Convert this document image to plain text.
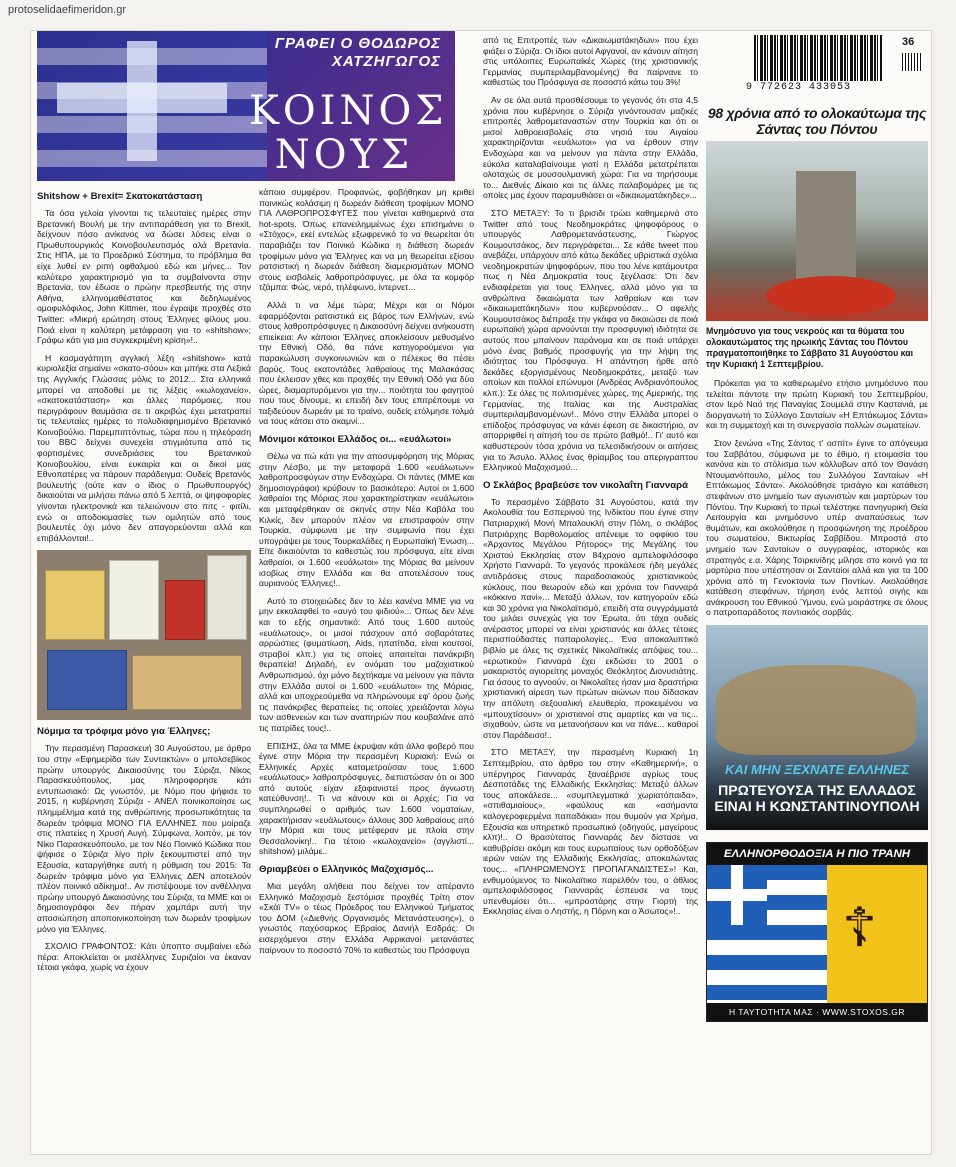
protoselidaefimeridon.gr
ΓΡΑΦΕΙ Ο ΘΟΔΩΡΟΣ
ΧΑΤΖΗΓΩΓΟΣ
ΚΟΙΝΟΣ
ΝΟΥΣ
Shitshow + Brexit= Σκατοκατάσταση

Τα όσα γελοία γίνονται τις τελευταίες ημέρες στην Βρετανική Βουλή με την αντιπαράθεση για το Brexit, δείχνουν πόσο ανίκανος να δώσει λύσεις είναι ο Πρωθυπουργικός Κοινοβουλευτισμός αλά Βρετανία. Στις ΗΠΑ, με το Προεδρικό Σύστημα, το πρόβλημα θα είχε λυθεί εν ριπή οφθαλμού εδώ και μήνες... Τον καλύτερο χαρακτηρισμό για τα συμβαίνοντα στην Βρετανία, τον έδωσε ο πρώην πρεσβευτής της στην Αθήνα, ελληνομαθέστατος και δεδηλωμένος ομοφυλόφιλος, John Kittmer, που έγραψε προχθές στο Twitter: «Μικρή ερώτηση στους Έλληνες φίλους μου. Ποιά είναι η καλύτερη μετάφραση για το «shitshow»; Γράφω κάτι για μια συγκεκριμένη κρίση»!..

Η κοσμαγάπητη αγγλική λέξη «shitshow» κατά κυριολεξία σημαίνει «σκατο-σόου» και μπήκε στα Λεξικά της Αγγλικής Γλώσσας μόλις το 2012... Στα ελληνικά μπορεί να αποδοθεί με τις λέξεις «κωλοχανείο», «σκατοκατάσταση» και άλλες παρόμοιες, που περιγράφουν θαυμάσια σε τι ακριβώς έχει μετατραπεί τις τελευταίες ημέρες το πολυδιαφημισμένο Βρετανικό Κοινοβούλιο. Παρεμπιπτόντως, τώρα που η τηλεόραση του BBC δείχνει συνεχεία στιγμιότυπα από τις φορτισμένες συνεδριάσεις του Βρετανικού Κοινοβουλίου, είναι ευκαιρία και οι δικοί μας Εθνοπατέρες να πάρουν παράδειγμα: Ουδείς Βρετανός βουλευτής (ούτε καν ο ίδιος ο Πρωθυπουργός) δικαιούται να μιλήσει πάνω από 5 λεπτά, οι ψηφοφορίες γίνονται ηλεκτρονικά και τελειώνουν στο πιτς - φιτίλι, ενώ οι αποδοκιμασίες των ομιλητών από τους βουλευτές όχι μόνο δεν απαγορεύονται αλλά και επιβάλλονται!..

Νόμιμα τα τρόφιμα μόνο για Έλληνες;

Την περασμένη Παρασκευή 30 Αυγούστου, με άρθρο του στην «Εφημερίδα των Συντακτών» ο μπολσεβίκος πρώην υπουργός Δικαιοσύνης του Σύριζα, Νίκος Παρασκευόπουλος, μας πληροφορησε κάτι εντυπωσιακό: Ως γνωστόν, με Νόμο που ψήφισε το 2015, η κυβέρνηση Σύριζα - ΑΝΕΛ ποινικοποίησε ως πλημμέλημα κατά της ανθρώπινης προσωπικότητας τα δωρεάν τρόφιμα ΜΟΝΟ ΓΙΑ ΕΛΛΗΝΕΣ που μοίραζε στις πλατείες η Χρυσή Αυγή. Σύμφωνα, λοιπόν, με τον Νίκο Παρασκευόπουλο, με τον Νέο Ποινικό Κώδικα που ψήφισε ο Σύριζα λίγο πρίν ξεκουμπιστεί από την Εξουσία, καταργήθηκε αυτή η ρύθμιση του 2015: Τα δωρεάν τρόφιμα μόνο για Έλληνες ΔΕΝ αποτελούν πλέον ποινικό αδίκημα!.. Αν πιστέψουμε τον ανθέλληνα πρώην υπουργό Δικαιοσύνης του Σύριζα, τα ΜΜΕ και οι δημοσιογράφοι δεν πήραν χαμπάρι αυτή την αποσιώπηση αποποινικοποίηση των δωρεάν τροφίμων μόνο για Έλληνες.

ΣΧΟΛΙΟ ΓΡΑΦΟΝΤΟΣ: Κάτι ύποπτο συμβαίνει εδώ πέρα: Αποκλείεται οι μισέλληνες Συριζαίοι να έκαναν τέτοια γκάφα, χωρίς να έχουν

κάποιο συμφέρον. Προφανώς, φοβήθηκαν μη κριθεί ποινικώς κολάσιμη η δωρεάν διάθεση τροφίμων ΜΟΝΟ ΓΙΑ ΛΑΘΡΟΠΡΟΣΦΥΓΕΣ που γίνεται καθημερινά στα hot-spots. Όπως επανειλημμένως έχει επισημάνει ο «Στόχος», εκεί εντελώς εξωφρενικό το να θεωρείται ότι παραβιάζει τον Ποινικό Κώδικα η διάθεση δωρεάν τροφίμων μόνο για Έλληνες και να μη θεωρείται εξίσου ρατσιστική η δωρεάν διάθεση διαμερισμάτων ΜΟΝΟ στους εισβολείς λαθροπρόσφυγες, με όλα τα κομφόρ τζάμπα: Φώς, νερό, τηλέφωνο, ίντερνετ...

Αλλά τι να λέμε τώρα; Μέχρι και οι Νόμοι εφαρμόζονται ρατσιστικά εις βάρος των Ελλήνων, ενώ στους λαθροπρόσφυγες η Δικαιοσύνη δείχνει ανήκουστη επιείκεια: Αν κάποιοι Έλληνες αποκλείσουν μεθυσμένο την Εθνική Οδό, θα πάνε κατηγορούμενοι για παρακώλυση συγκοινωνιών και ο πέλεκυς θα πέσει βαρύς. Τους εκατοντάδες λαθραίους της Μαλακάσας που έκλεισαν χθες και προχθές την Εθνική Οδό για δύο ώρες, διαμαρτυρόμενοι για την... ποιότητα του φαγητού που τους δίνουμε, κι επειδή δεν τους επιτρέπουμε να ταξιδεύουν δωρεάν με το τραίνο, ουδείς ετόλμησε τολμά να τους κάτσει στο σκαμνί...

Μόνιμοι κάτοικοι Ελλάδος οι... «ευάλωτοι»

Θέλω να πώ κάτι για την αποσυμφόρηση της Μόριας στην Λέσβο, με την μεταφορά 1.600 «ευάλωτων» λαθροπροσφύγων στην Ενδοχώρα. Οι πάντες (ΜΜΕ και δημοσιογράφοι) κρύβουν το βασικότερο: Αυτοί οι 1.600 λαθραίοι της Μόριας που χαρακτηρίστηκαν «ευάλωτοι» και μεταφέρθηκαν σε σκηνές στην Νέα Καβάλα του Κιλκίς, δεν μπορούν πλέον να επιστραφούν στην Τουρκία, σύμφωνα με την συμφωνία που έχει υπογράψει με τους Τουρκαλάδες η Ευρωπαϊκή Ένωση... Είτε δικαιούνται το καθεστώς του πρόσφυγα, είτε είναι λαθραίοι, οι 1.600 «ευάλωτοι» της Μόριας θα μείνουν ισοβίως στην Ελλάδα και θα αποτελέσουν τους αυριανούς Έλληνες!..

Αυτό το στοιχειώδες δεν το λέει κανένα ΜΜΕ για να μην εκκολαφθεί το «αυγό του φιδιού»... Όπως δεν λένε και το εξής σημαντικό: Από τους 1.600 αυτούς «ευάλωτους», οι μισοί πάσχουν από σοβαρότατες αρρώστιες (φυματίωση, Aids, ηπατίτιδα, είναι κουτσοί, στραβοί κλπ.) για τις οποίες απαιτείται πανάκριβη θεραπεία! Δηλαδή, εν ονόματι του μαζοχιστικού Ανθρωπισμού, όχι μόνο δεχτήκαμε να μείνουν για πάντα στην Ελλάδα αυτοί οι 1.600 «ευάλωτοι» της Μόριας, αλλά και υποχρεούμεθα να πληρώνουμε εφ' όρου ζωής τις πανάκριβες θεραπείες τις οποίες χρειάζονται λόγω των ασθενειών και των αναπηριών που κουβαλάνε από τις πατρίδες τους!..

ΕΠΙΣΗΣ, όλα τα ΜΜΕ έκρυψαν κάτι άλλο φοβερό που έγινε στην Μόρια την περασμένη Κυριακή: Ενώ οι Ελληνικές Αρχές καταμετρούσαν τους 1.600 «ευάλωτους» λαθροπρόσφυγες, διεπιστώσαν ότι οι 300 από αυτούς είχαν εξαφανιστεί προς άγνωστη κατεύθυνση!.. Τι να κάνουν και οι Αρχές; Για να συμπληρωθεί ο αριθμός των 1.600 νοματαίων, χαρακτήρισαν «ευάλωτους» άλλους 300 λαθραίους από την Μόρια και τους μετέφεραν με πλοία στην Θεσσαλονίκη!.. Για τέτοιο «κωλοχανείο» (αγγλιστί... shitshow) μιλάμε..

Θριαμβεύει ο Ελληνικός Μαζοχισμός...

Μια μεγάλη αλήθεια που δείχνει τον απέραντο Ελληνικό Μαζοχισμό ξεστόμισε προχθές Τρίτη στον «Σκάϊ TV» ο τέως Πρόεδρος του Ελληνικού Τμήματος του ΔΟΜ («Διεθνής Οργανισμός Μετανάστευσης»), ο γνωστός παχύσαρκος Εβραίος Δανιήλ Εσδράς: Οι εισερχόμενοι στην Ελλάδα Αφρικανοί μετανάστες παίρνουν το ποσοστό 70% το καθεστώς του Πρόσφυγα

από τις Επιτροπές των «Δικαιωματάκηδων» που έχει φιάξει ο Σύριζα. Οι ίδιοι αυτοί Αφγανοί, αν κάνουν αίτηση στις υπόλοιπες Ευρωπαϊκές Χώρες (της χριστιανικής Γερμανίας συμπεριλαμβανομένης) θα παίρνανε το καθεστώς του Πρόσφυγα σε ποσοστό κάτω του 3%!

Αν σε όλα αυτά προσθέσουμε το γεγονός ότι στα 4,5 χρόνια που κυβέρνησε ο Σύριζα γινόντουσαν μαζικές επιτροπές λαθρομεταναστών στην Τουρκία και ότι οι μισοί λαθροεισβολείς στα νησιά του Αιγαίου χαρακτηρίζονται «ευάλωτοι» για να έρθουν στην Ενδοχώρα και να μείνουν για πάντα στην Ελλάδα, εύκολα καταλαβαίνουμε γιατί η Ελλάδα μετατρέπεται ολοταχώς σε μουσουλμανική χώρα: Για να τηρήσουμε το... Διεθνές Δίκαιο και τις άλλες παλαβομάρες με τις οποίες μας έχουν παραμυθιάσει οι «δικαιωματάκηδες»...

ΣΤΟ ΜΕΤΑΞΥ: Το τι βρισιδι τρώει καθημερινά στο Twitter από τους Νεοδημοκράτες ψηφοφόρους ο υπουργός Λαθρομετανάστευσης, Γιώργος Κουμουτσάκος, δεν περιγράφεται... Σε κάθε tweet που ανεβάζει, υπάρχουν από κάτω δεκάδες υβριστικά σχόλια νεοδημοκρατών ψηφοφόρων, που του λένε κατάμουτρα πως η Νέα Δημοκρατία τους ξεγέλασε: Ότι δεν ενδιαφέρεται για τους Έλληνες, αλλά μόνο για τα ανθρώπινα δικαιώματα των λαθραίων και των «δικαιωματάκηδων» που κυβερνούσαν... Ο αφελής Κουμουτσάκος διέπραξε την γκάφα να δικαιώσει σε ποιά ευρωπαϊκή χώρα αρνούνται την προσφυγική ιδιότητα σε αυτούς που μπαίνουν παράνομα και σε ποιά υπάρχει μόνο ένας βαθμός προσφυγής για την λήψη της ιδιότητας του Πρόσφυγα. Η απάντηση ήρθε από δεκάδες εξοργισμένους Νεοδημοκράτες, μεταξύ των οποίων και πολλοί επώνυμοι (Ανδρέας Ανδριανόπουλος κλπ.): Σε όλες τις πολιτισμένες χώρες, της Αμερικής, της Γερμανίας, της Ιταλίας και της Αυστραλίας συμπεριλαμβανομένων!.. Μόνο στην Ελλάδα μπορεί ο επίδοξος πρόσφυγας να κάνει έφεση σε δικαστήριο, αν απορριφθεί η αίτησή του σε πρώτο βαθμό!.. Γι' αυτό και καθυστερούν τόσα χρόνια να τελεσιδικήσουν οι αιτήσεις για το Άσυλο. Άλλος ένας θρίαμβος του απεριγραπτου Ελληνικού Μαζοχισμού...

Ο Σκλάβος βραβεύσε τον νικολαΐτη Γιανναρά

Το περασμένο Σάββατο 31 Αυγούστου, κατά την Ακολουθία του Εσπερινού της Ινδίκτου που έγινε στην Πατριαρχική Μονή Μπαλουκλή στην Πόλη, ο σκλάβος Πατριάρχης Βαρθολομαίος απένειμε το οφφίκιο του «Άρχοντος Μεγάλου Ρήτορος» της Μεγάλης του Χριστού Εκκλησίας στον 84χρονο αμπελοφιλόσοφο Χρήστο Γιανναρά. Το γεγονός προκάλεσε ήδη μεγάλες αντιδράσεις στους παραδοσιακούς χριστιανικούς κύκλους, που θεωρούν εδώ και χρόνια τον Γιανναρά «κόκκινο πανί»... Μεταξύ άλλων, τον κατηγορούν εδώ και 30 χρόνια για Νικολαϊτισμό, επειδή στα συγγράμματά του μιλάει συνεχώς για τον Έρωτα, ότι τάχα ουδείς ανέραστος μπορεί να είναι χριστιανός και άλλες τέτοιες περισπούδαστες παπαρολογίες.. Ένα αποκαλυπτικό βιβλίο με όλες τις σχετικές Νικολαϊτικές απόψεις του... «ερωτικού» Γιανναρά έχει εκδώσει το 2001 ο μακαριστός αγιορείτης μοναχός Θεόκλητος Διονυσιάτης. Για όσους το αγνοούν, οι Νικολαΐτες ήσαν μια δραστήρια χριστιανική αίρεση των πρώτων αιώνων που δίδασκαν την απόλυτη σεξουαλική ελευθερία, προκειμένου να «μπουχτίσουν» οι χριστιανοί στις αμαρτίες και να τις... σιχαθούν, ώστε να μετανοήσουν και να πάνε... καθαροί στον Παράδεισο!..

ΣΤΟ ΜΕΤΑΞΥ, την περασμένη Κυριακή 1η Σεπτεμβρίου, στο άρθρο του στην «Καθημερινή», ο υπέργηρος Γιανναράς ξαναέβρισε αγρίως τους Δεσποτάδες της Ελλαδικής Εκκλησίας: Μεταξύ άλλων τους αποκάλεσε... «συμπλεγματικά χωριατόπαιδα», «σπιθαμιαίους», «φαύλους και «ασήμαντα καλογεροφερμένα παπαδάκια» που θυμούν για Χρήμα, Εξουσία και υπηρετικό προσωπικό (οδηγούς, μαγείρους κλπ)!.. Ο θρασύτατος Γιανναράς δεν δίστασε να καθυβρίσει ακόμη και τους ευρωπαίους των ορθοδόξων ιερών ναών της Ελλαδικής Εκκλησίας, αποκαλώντας τους... «ΠΛΗΡΩΜΕΝΟΥΣ ΠΡΟΠΑΓΑΝΔΙΣΤΕΣ»! Και, ενθυμούμενος το Νικολαϊτικο παρελθόν του, ο άθλιος αμπελοφιλόσοφος Γιανναράς έσπευσε να τους υπενθυμίσει ότι... «μπροστάρης στην Γιορτή της Εκκλησίας είναι ο Ληστής, η Πόρνη και ο Άσωτος»!..

9 772623 433053
36
98 χρόνια από το ολοκαύτωμα της Σάντας του Πόντου
Μνημόσυνο για τους νεκρούς και τα θύματα του ολοκαυτώματος της ηρωικής Σάντας του Πόντου πραγματοποιήθηκε το Σάββατο 31 Αυγούστου και την Κυριακή 1 Σεπτεμβρίου.

Πρόκειται για το καθιερωμένο ετήσιο μνημόσυνο που τελείται πάντοτε την πρώτη Κυριακή του Σεπτεμβρίου, στον Ιερό Ναό της Παναγίας Σουμελά στην Καστανιά, με διοργανωτή το Σύλλογο Σανταίων «Η Επτάκωμος Σάντα» και τη συμμετοχή και τη συνεργασία πολλών σωματείων.

Στον ξενώνα «Της Σάντας τ' οσπίτ» έγινε το απόγευμα του Σαββάτου, σύμφωνα με το έθιμο, η ετοιμασία του κανόνα και το στόλισμα των κόλλυβων από τον Θανάση Ντουμανόπουλο, μέλος του Συλλόγου Σανταίων «Η Επτάκωμος Σάντα». Ακολούθησε τρισάγιο και κατάθεση στεφάνων στο μνημείο των αγωνιστών και μαρτύρων του Πόντου. Την Κυριακή το πρωί τελέστηκε πανηγυρική Θεία Λειτουργία και μνημόσυνο υπέρ αναπαύσεως των θυμάτων, και ακολούθησε η προσφώνηση της προέδρου του σωματείου, Βικτωρίας Σαββίδου. Μπροστά στο μνημείο των Σανταίων ο συγγραφέας, ιστορικός και στρατηγός ε.α. Χάρης Τσιρκινίδης μίλησε στο κοινό για τα μαρτύρια που υπέστησαν οι Σανταίοι αλλά και για τα 100 χρόνια από τη Γενοκτονία των Ποντίων. Ακολούθησε κατάθεση στεφάνων, τήρηση ενός λεπτού σιγής και ανάκρουση του Εθνικού Ύμνου, ενώ μοιράστηκε σε όλους ο πατροπαράδοτος ποντιακός σορβάς.

ΚΑΙ ΜΗΝ ΞΕΧΝΑΤΕ ΕΛΛΗΝΕΣ
ΠΡΩΤΕΥΟΥΣΑ ΤΗΣ ΕΛΛΑΔΟΣ ΕΙΝΑΙ Η ΚΩΝΣΤΑΝΤΙΝΟΥΠΟΛΗ
ΕΛΛΗΝΟΡΘΟΔΟΞΙΑ Η ΠΙΟ ΤΡΑΝΗ
☦
Η ΤΑΥΤΟΤΗΤΑ ΜΑΣ · WWW.STOXOS.GR
